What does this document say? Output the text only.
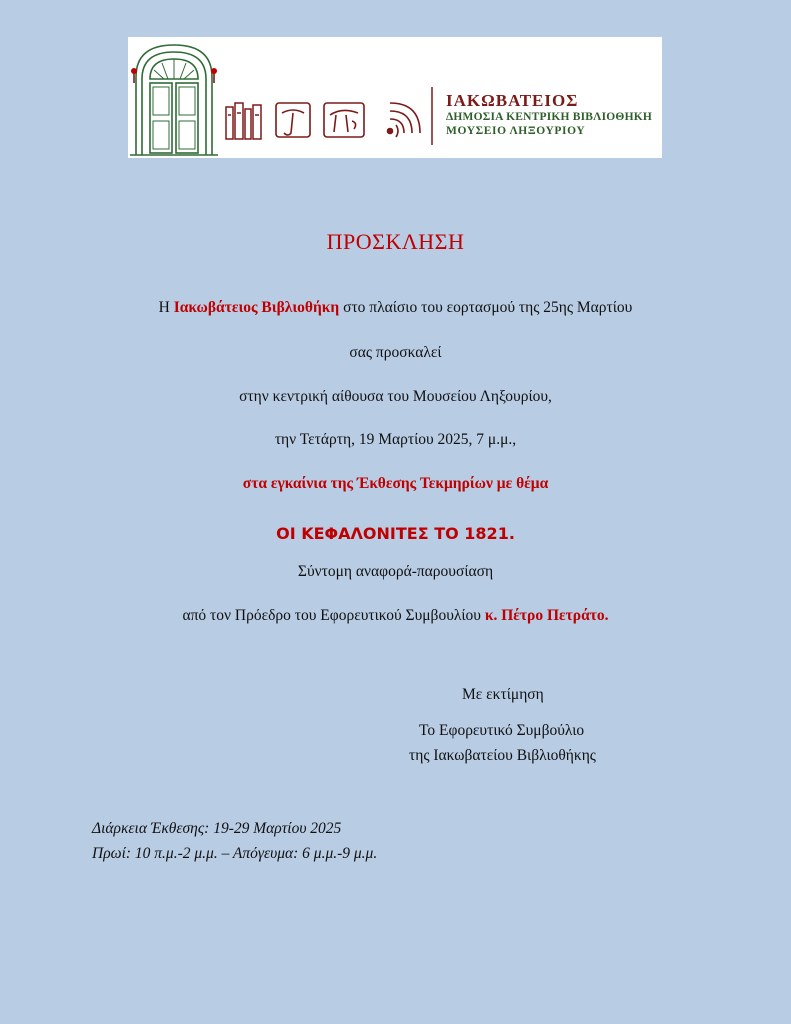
ΙΑΚΩΒΑΤΕΙΟΣ
ΔΗΜΟΣΙΑ ΚΕΝΤΡΙΚΗ ΒΙΒΛΙΟΘΗΚΗ
ΜΟΥΣΕΙΟ ΛΗΞΟΥΡΙΟΥ
ΠΡΟΣΚΛΗΣΗ
Η Ιακωβάτειος Βιβλιοθήκη στο πλαίσιο του εορτασμού της 25ης Μαρτίου
σας προσκαλεί
στην κεντρική αίθουσα του Μουσείου Ληξουρίου,
την Τετάρτη, 19 Μαρτίου 2025, 7 μ.μ.,
στα εγκαίνια της Έκθεσης Τεκμηρίων με θέμα
ΟΙ ΚΕΦΑΛΟΝΙΤΕΣ ΤΟ 1821.
Σύντομη αναφορά-παρουσίαση
από τον Πρόεδρο του Εφορευτικού Συμβουλίου κ. Πέτρο Πετράτο.
Με εκτίμηση
Το Εφορευτικό Συμβούλιο
της Ιακωβατείου Βιβλιοθήκης
Διάρκεια Έκθεσης: 19-29 Μαρτίου 2025
Πρωί: 10 π.μ.-2 μ.μ. – Απόγευμα: 6 μ.μ.-9 μ.μ.
